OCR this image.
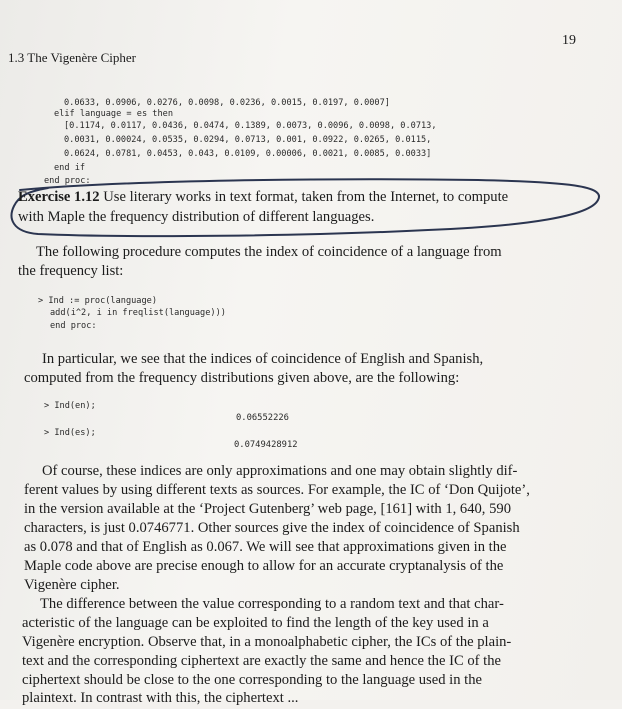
1.3 The Vigenère Cipher
19
0.0633, 0.0906, 0.0276, 0.0098, 0.0236, 0.0015, 0.0197, 0.0007]
elif language = es then
[0.1174, 0.0117, 0.0436, 0.0474, 0.1389, 0.0073, 0.0096, 0.0098, 0.0713,
0.0031, 0.00024, 0.0535, 0.0294, 0.0713, 0.001, 0.0922, 0.0265, 0.0115,
0.0624, 0.0781, 0.0453, 0.043, 0.0109, 0.00006, 0.0021, 0.0085, 0.0033]
end if
end proc:
Exercise 1.12 Use literary works in text format, taken from the Internet, to compute
with Maple the frequency distribution of different languages.
The following procedure computes the index of coincidence of a language from
the frequency list:
> Ind := proc(language)
add(i^2, i in freqlist(language)))
end proc:
In particular, we see that the indices of coincidence of English and Spanish,
computed from the frequency distributions given above, are the following:
> Ind(en);
0.06552226
> Ind(es);
0.0749428912
Of course, these indices are only approximations and one may obtain slightly dif-
ferent values by using different texts as sources. For example, the IC of ‘Don Quijote’,
in the version available at the ‘Project Gutenberg’ web page, [161] with 1, 640, 590
characters, is just 0.0746771. Other sources give the index of coincidence of Spanish
as 0.078 and that of English as 0.067. We will see that approximations given in the
Maple code above are precise enough to allow for an accurate cryptanalysis of the
Vigenère cipher.
The difference between the value corresponding to a random text and that char-
acteristic of the language can be exploited to find the length of the key used in a
Vigenère encryption. Observe that, in a monoalphabetic cipher, the ICs of the plain-
text and the corresponding ciphertext are exactly the same and hence the IC of the
ciphertext should be close to the one corresponding to the language used in the
plaintext. In contrast with this, the ciphertext ...
